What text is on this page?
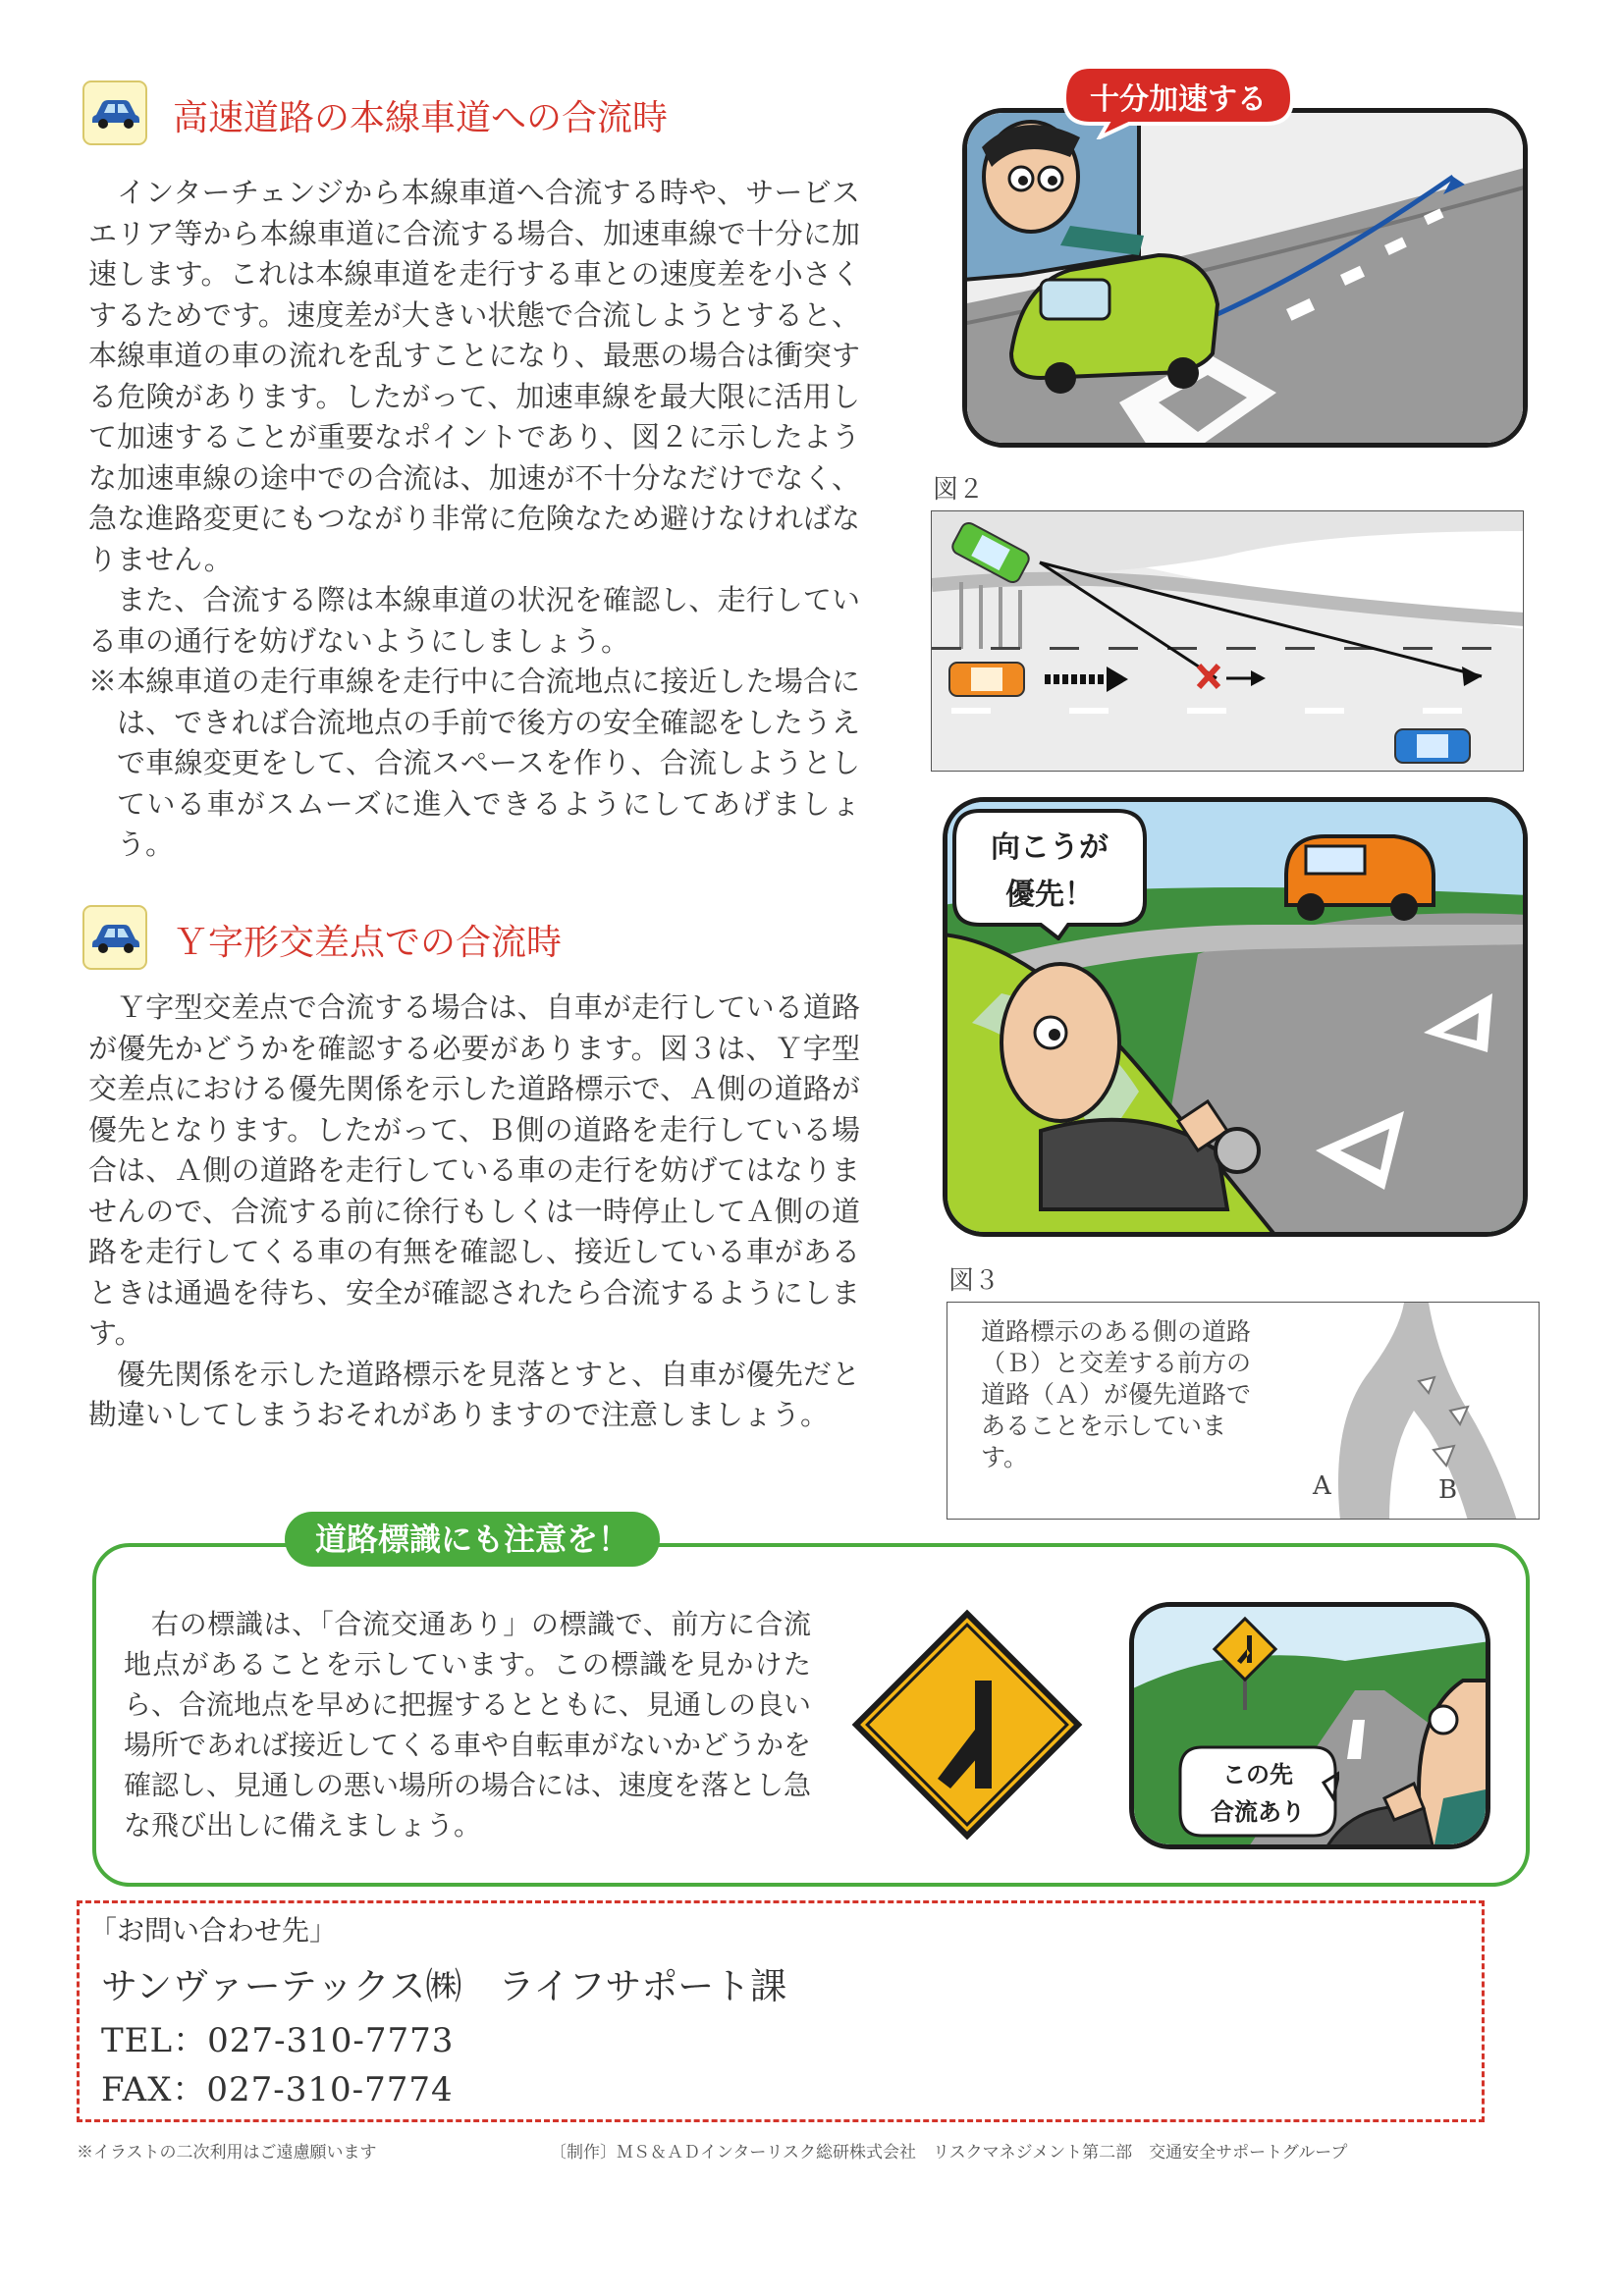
高速道路の本線車道への合流時

インターチェンジから本線車道へ合流する時や、サービスエリア等から本線車道に合流する場合、加速車線で十分に加速します。これは本線車道を走行する車との速度差を小さくするためです。速度差が大きい状態で合流しようとすると、本線車道の車の流れを乱すことになり、最悪の場合は衝突する危険があります。したがって、加速車線を最大限に活用して加速することが重要なポイントであり、図２に示したような加速車線の途中での合流は、加速が不十分なだけでなく、急な進路変更にもつながり非常に危険なため避けなければなりません。

また、合流する際は本線車道の状況を確認し、走行している車の通行を妨げないようにしましょう。

※本線車道の走行車線を走行中に合流地点に接近した場合には、できれば合流地点の手前で後方の安全確認をしたうえで車線変更をして、合流スペースを作り、合流しようとしている車がスムーズに進入できるようにしてあげましょう。

十分加速する
図２
向こうが
優先！
図３
道路標示のある側の道路（Ｂ）と交差する前方の道路（Ａ）が優先道路であることを示しています。
A	B
Ｙ字形交差点での合流時

Ｙ字型交差点で合流する場合は、自車が走行している道路が優先かどうかを確認する必要があります。図３は、Ｙ字型交差点における優先関係を示した道路標示で、Ａ側の道路が優先となります。したがって、Ｂ側の道路を走行している場合は、Ａ側の道路を走行している車の走行を妨げてはなりませんので、合流する前に徐行もしくは一時停止してＡ側の道路を走行してくる車の有無を確認し、接近している車があるときは通過を待ち、安全が確認されたら合流するようにします。

優先関係を示した道路標示を見落とすと、自車が優先だと勘違いしてしまうおそれがありますので注意しましょう。

道路標識にも注意を！
右の標識は、「合流交通あり」の標識で、前方に合流地点があることを示しています。この標識を見かけたら、合流地点を早めに把握するとともに、見通しの良い場所であれば接近してくる車や自転車がないかどうかを確認し、見通しの悪い場所の場合には、速度を落とし急な飛び出しに備えましょう。
この先
合流あり
「お問い合わせ先」
サンヴァーテックス㈱　ライフサポート課
TEL：027-310-7773
FAX：027-310-7774
※イラストの二次利用はご遠慮願います	〔制作〕ＭＳ＆ＡＤインターリスク総研株式会社　リスクマネジメント第二部　交通安全サポートグループ
